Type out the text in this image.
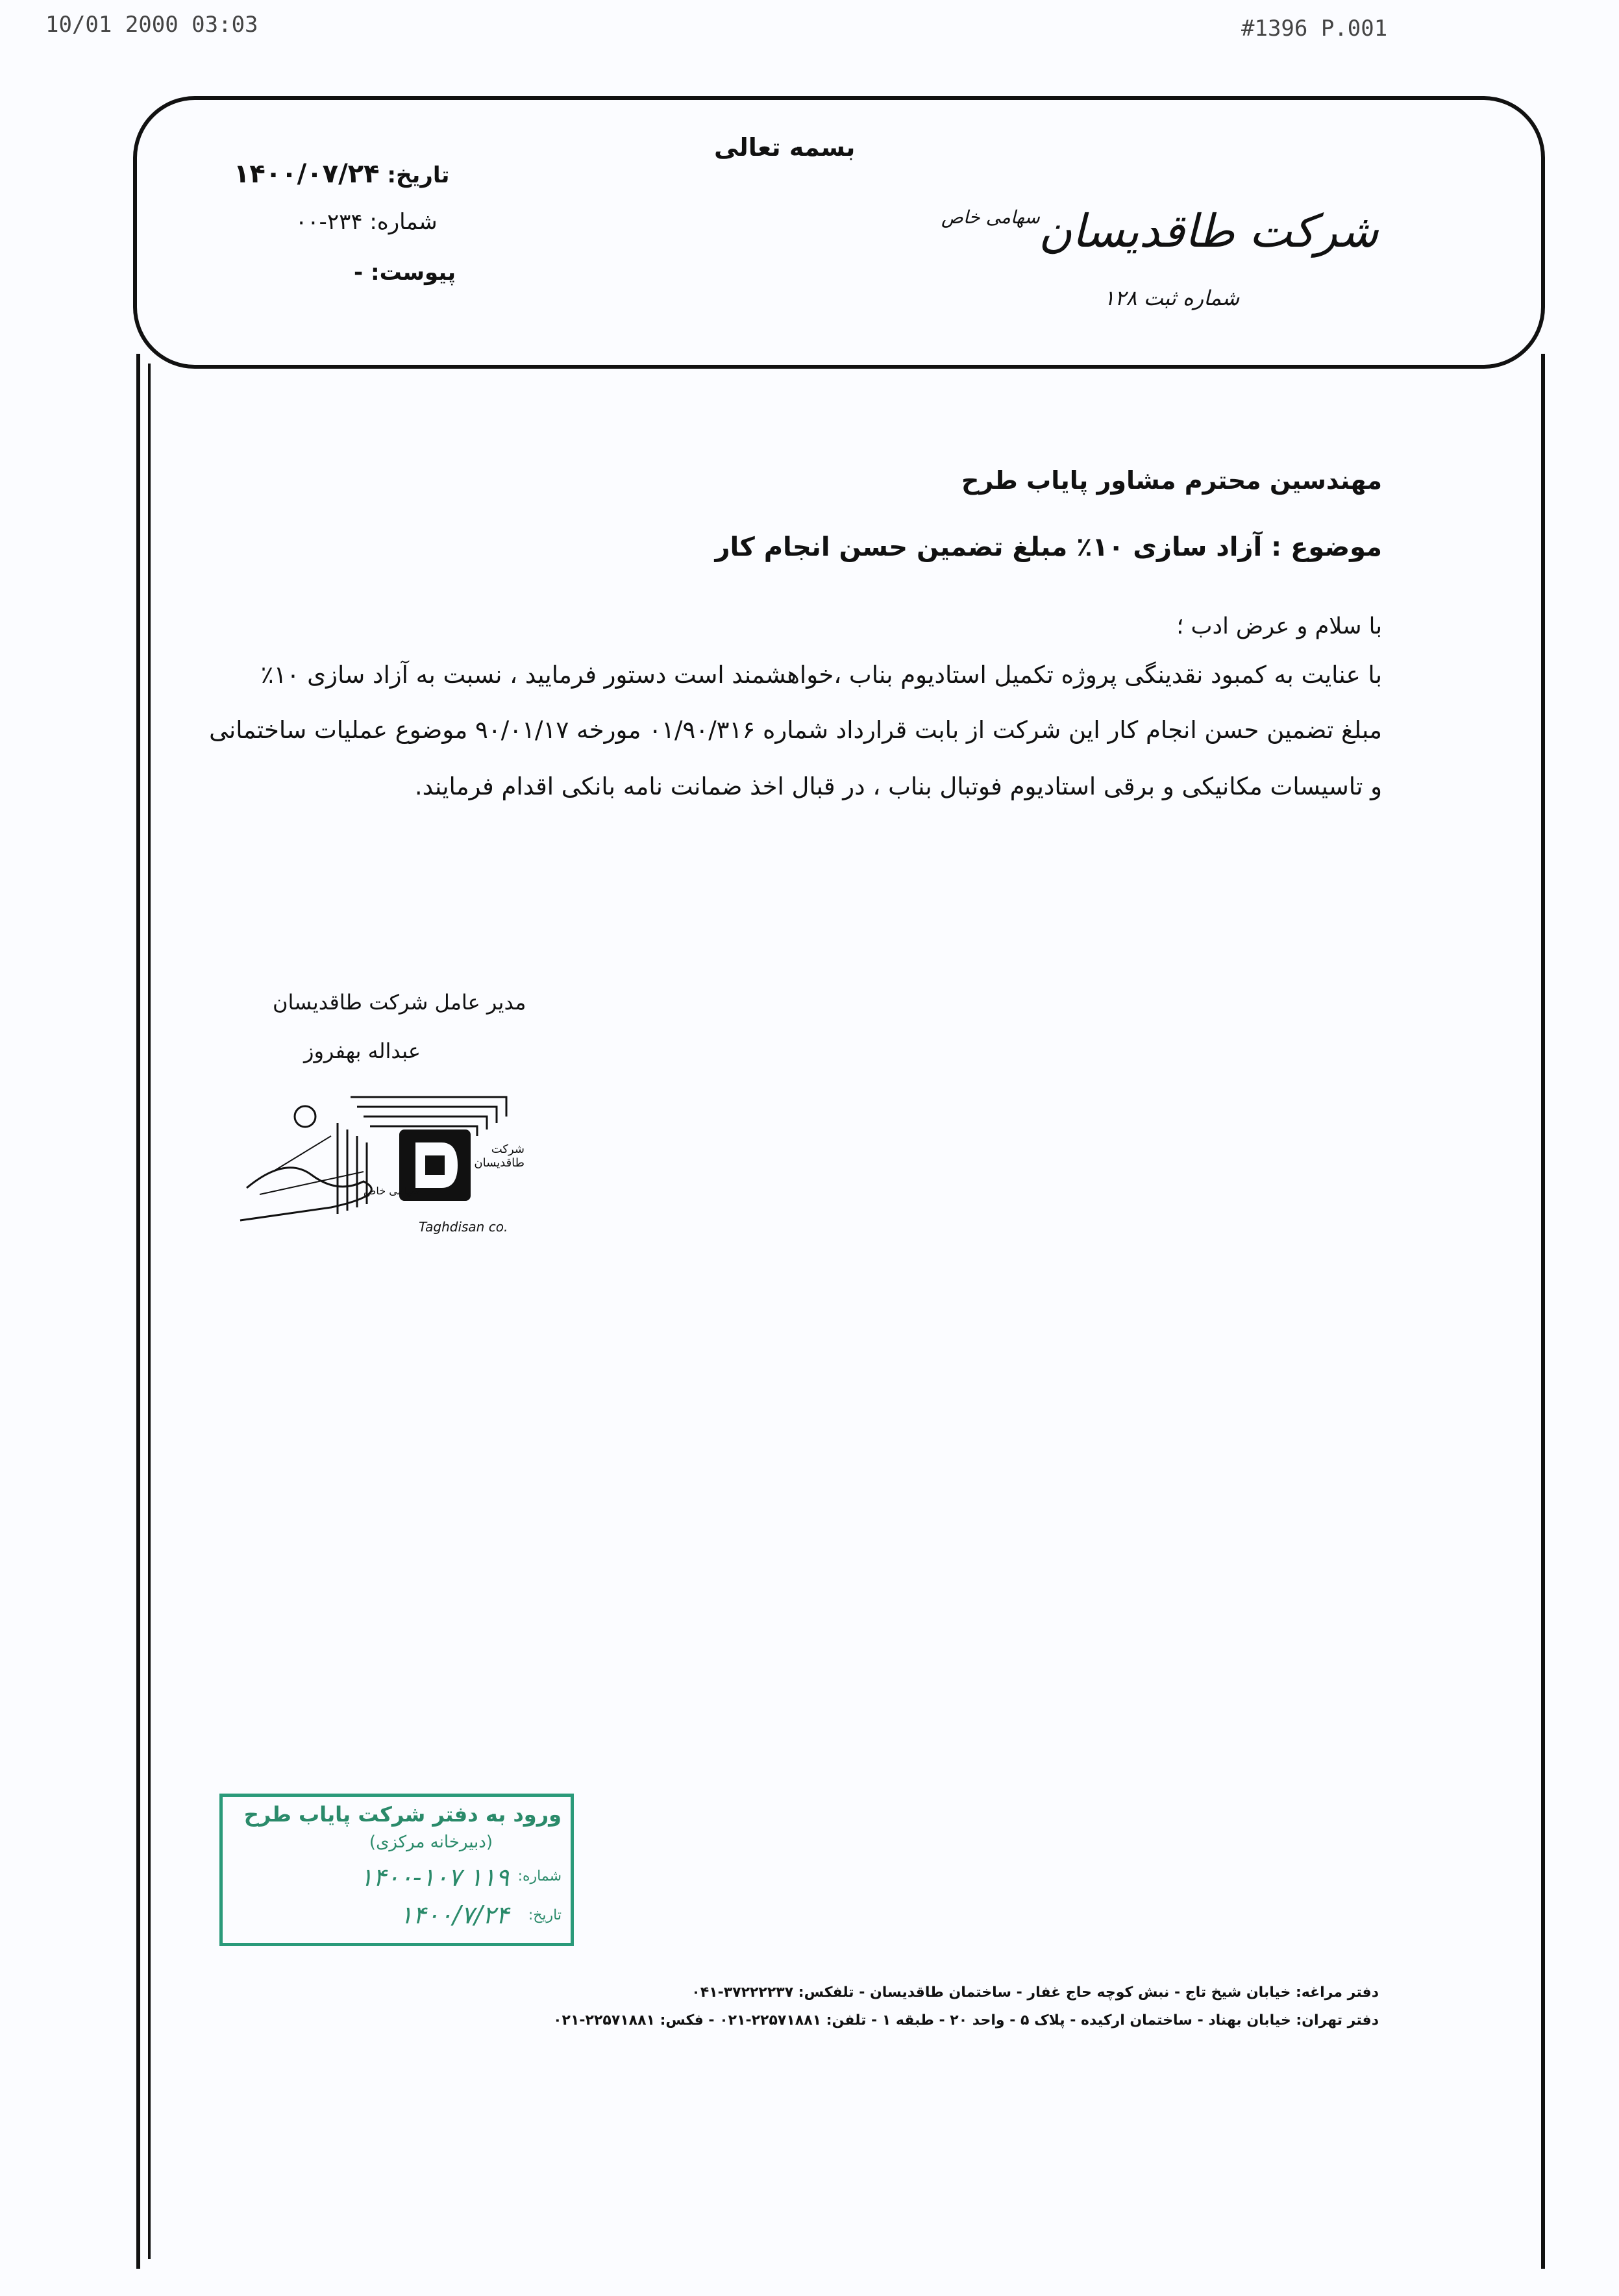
10/01 2000 03:03	#1396 P.001
بسمه تعالی
تاریخ: ۱۴۰۰/۰۷/۲۴
شماره: ۲۳۴-۰۰
پیوست: -
شرکت طاقدیسان
سهامی خاص
شماره ثبت ۱۲۸
مهندسین محترم مشاور پایاب طرح
موضوع : آزاد سازی ۱۰٪ مبلغ تضمین حسن انجام کار
با سلام و عرض ادب ؛
با عنایت به کمبود نقدینگی پروژه تکمیل استادیوم بناب ،خواهشمند است دستور فرمایید ، نسبت به آزاد سازی ۱۰٪
مبلغ تضمین حسن انجام کار این شرکت از بابت قرارداد شماره ۰۱/۹۰/۳۱۶ مورخه ۹۰/۰۱/۱۷ موضوع عملیات ساختمانی
و تاسیسات مکانیکی و برقی استادیوم فوتبال بناب ، در قبال اخذ ضمانت نامه بانکی اقدام فرمایند.
مدیر عامل شرکت طاقدیسان
عبداله بهفروز
Taghdisan co.
شرکت طاقدیسان
سهامی خاص
ورود به دفتر شرکت پایاب طرح
(دبیرخانه مرکزی)
شماره:
۱۴۰۰-۱۰۷ ۱۱۹
تاریخ:
۱۴۰۰/۷/۲۴
دفتر مراغه: خیابان شیخ تاج - نبش کوچه حاج غفار - ساختمان طاقدیسان - تلفکس: ۳۷۲۲۲۲۳۷-۰۴۱
دفتر تهران: خیابان بهناد - ساختمان ارکیده - پلاک ۵ - واحد ۲۰ - طبقه ۱ - تلفن: ۲۲۵۷۱۸۸۱-۰۲۱ - فکس: ۲۲۵۷۱۸۸۱-۰۲۱
